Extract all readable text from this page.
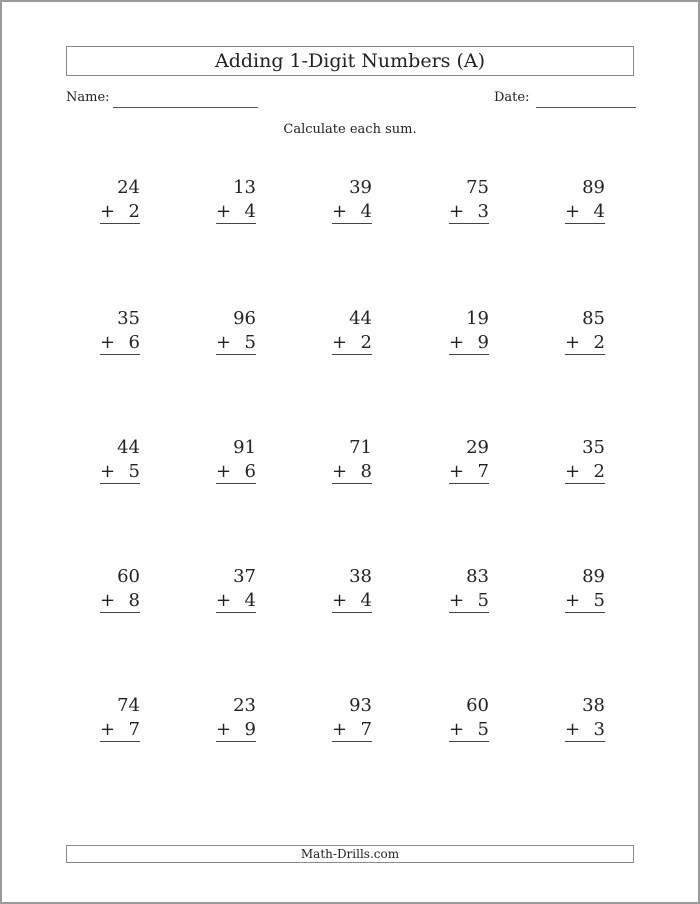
Adding 1-Digit Numbers (A)
Name:	Date:
Calculate each sum.
24
+ 2
13
+ 4
39
+ 4
75
+ 3
89
+ 4
35
+ 6
96
+ 5
44
+ 2
19
+ 9
85
+ 2
44
+ 5
91
+ 6
71
+ 8
29
+ 7
35
+ 2
60
+ 8
37
+ 4
38
+ 4
83
+ 5
89
+ 5
74
+ 7
23
+ 9
93
+ 7
60
+ 5
38
+ 3
Math-Drills.com
